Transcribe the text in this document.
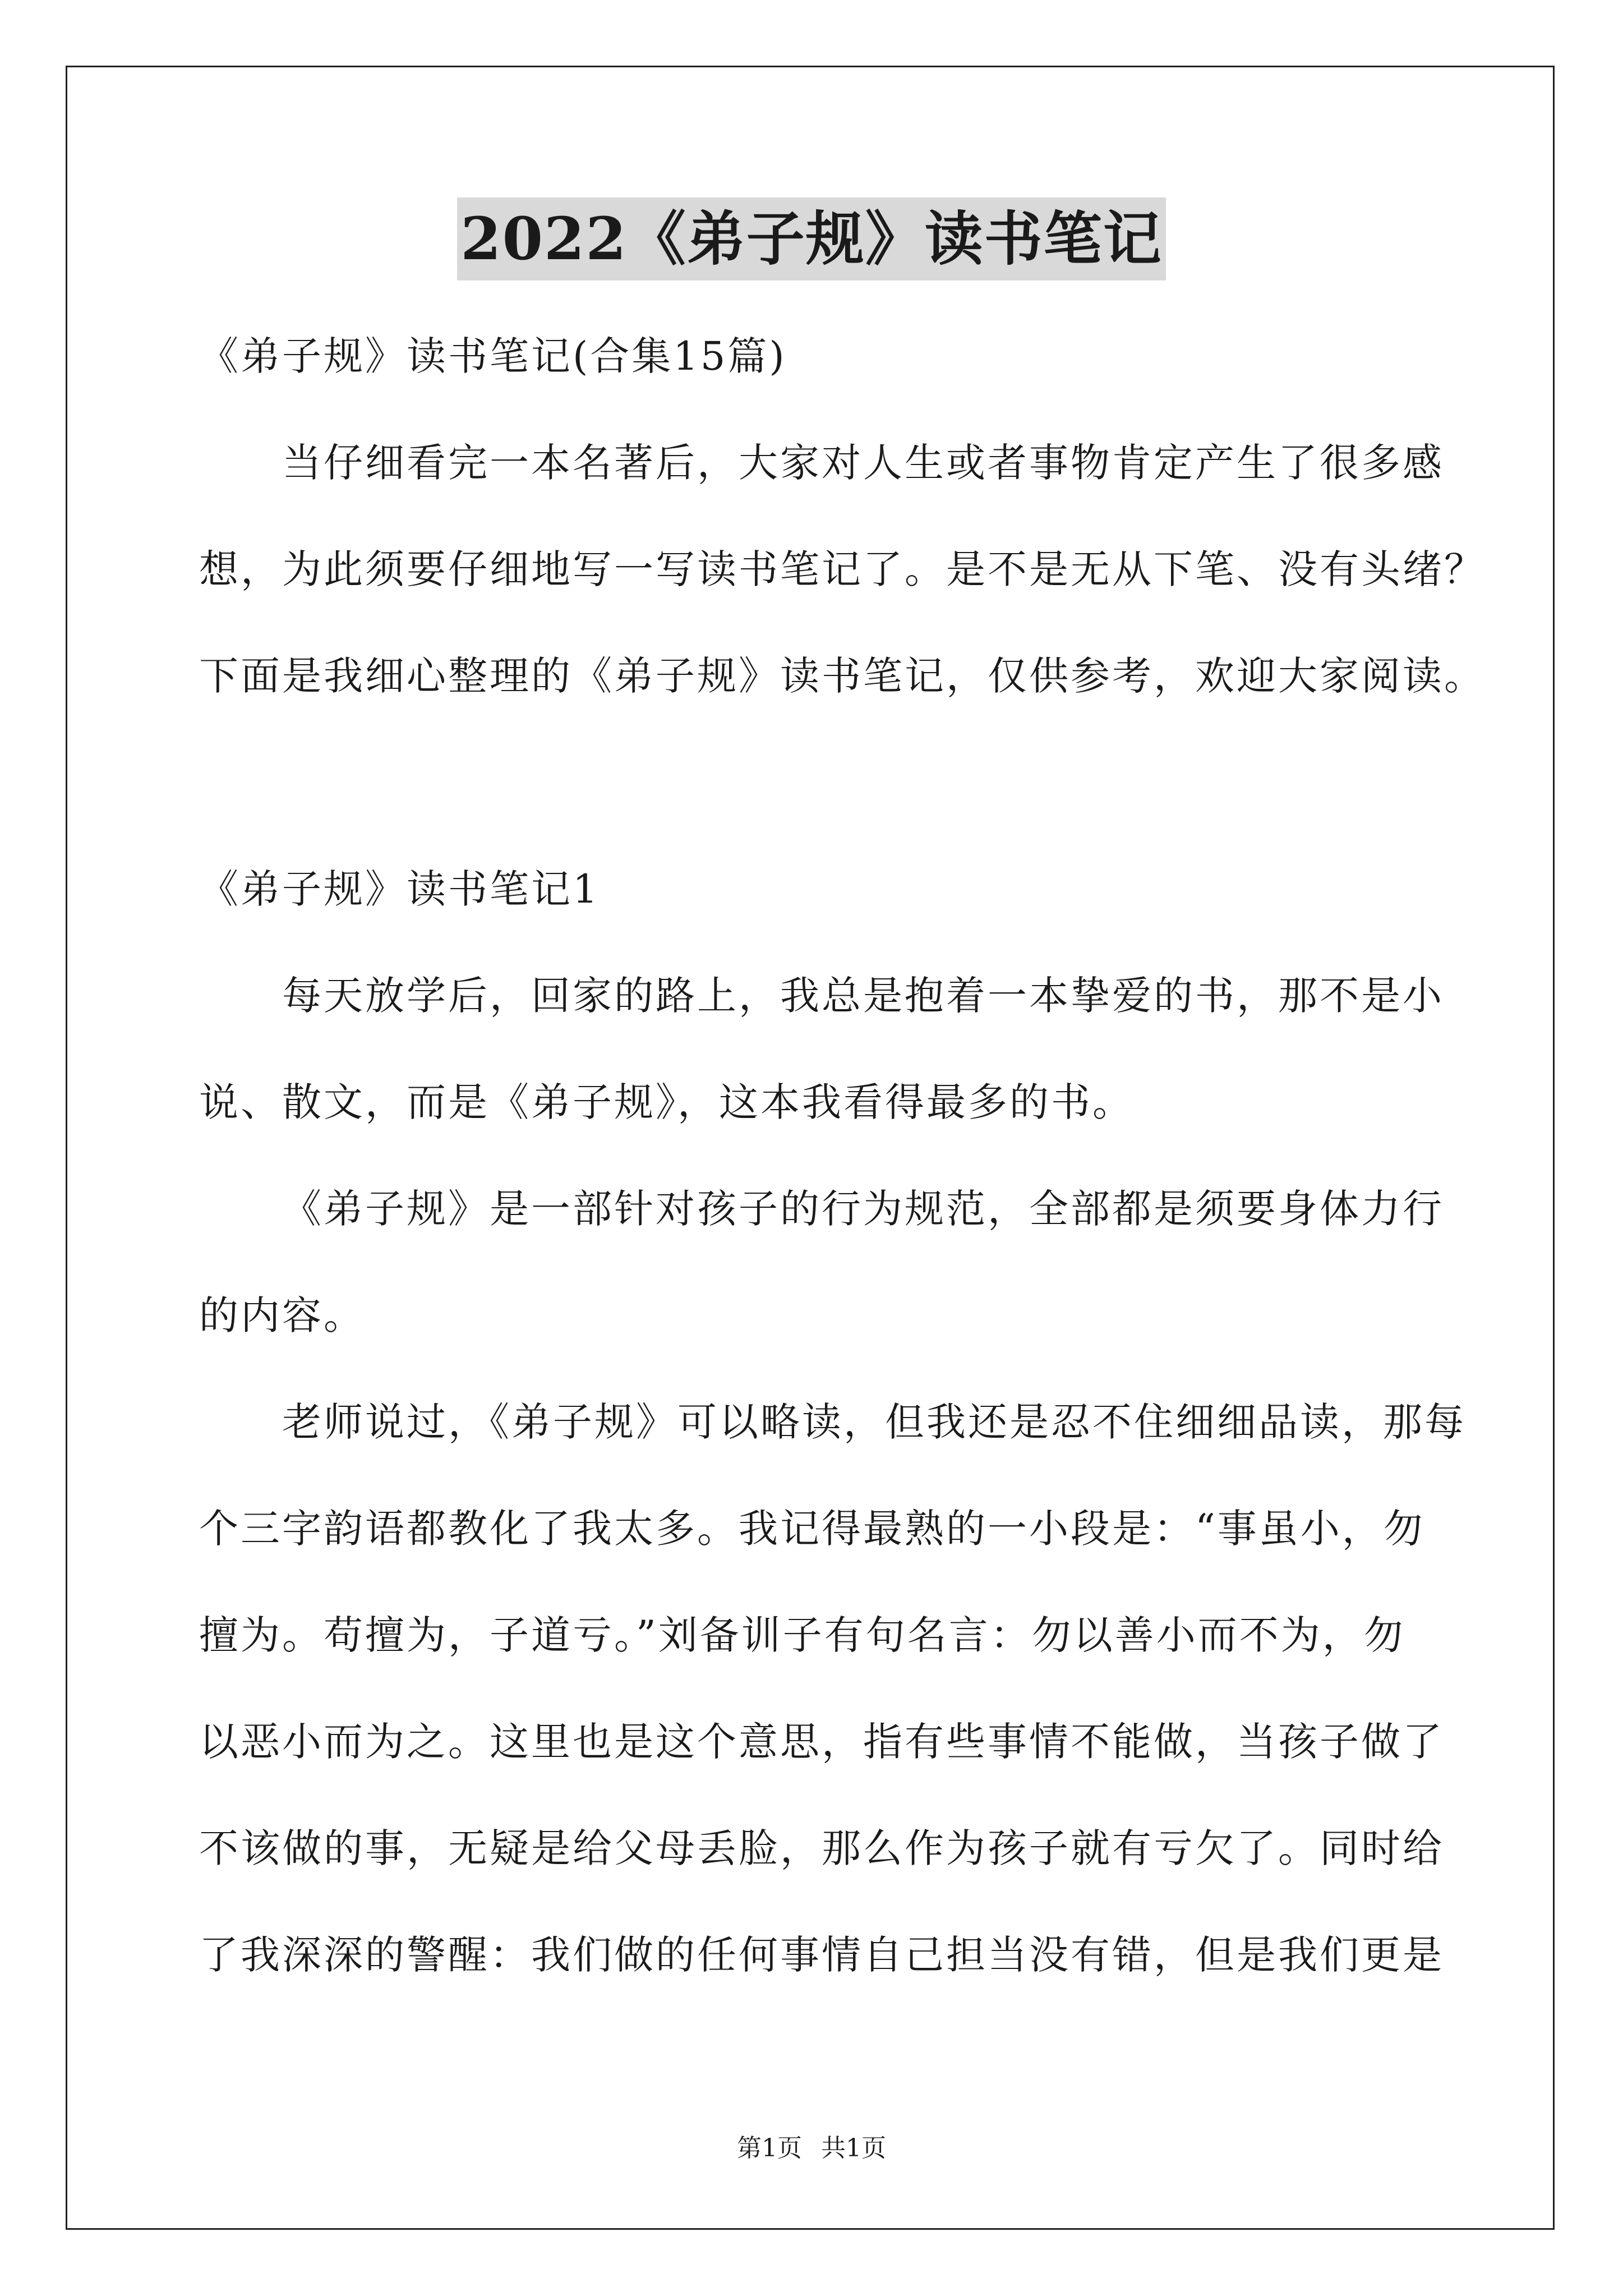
2022《弟子规》读书笔记
《弟子规》读书笔记(合集15篇)
当仔细看完一本名著后，大家对人生或者事物肯定产生了很多感
想，为此须要仔细地写一写读书笔记了。是不是无从下笔、没有头绪？
下面是我细心整理的《弟子规》读书笔记，仅供参考，欢迎大家阅读。
《弟子规》读书笔记1
每天放学后，回家的路上，我总是抱着一本挚爱的书，那不是小
说、散文，而是《弟子规》，这本我看得最多的书。
《弟子规》是一部针对孩子的行为规范，全部都是须要身体力行
的内容。
老师说过，《弟子规》可以略读，但我还是忍不住细细品读，那每
个三字韵语都教化了我太多。我记得最熟的一小段是：“事虽小，勿
擅为。苟擅为，子道亏。”刘备训子有句名言：勿以善小而不为，勿
以恶小而为之。这里也是这个意思，指有些事情不能做，当孩子做了
不该做的事，无疑是给父母丢脸，那么作为孩子就有亏欠了。同时给
了我深深的警醒：我们做的任何事情自己担当没有错，但是我们更是
第1页 共1页
